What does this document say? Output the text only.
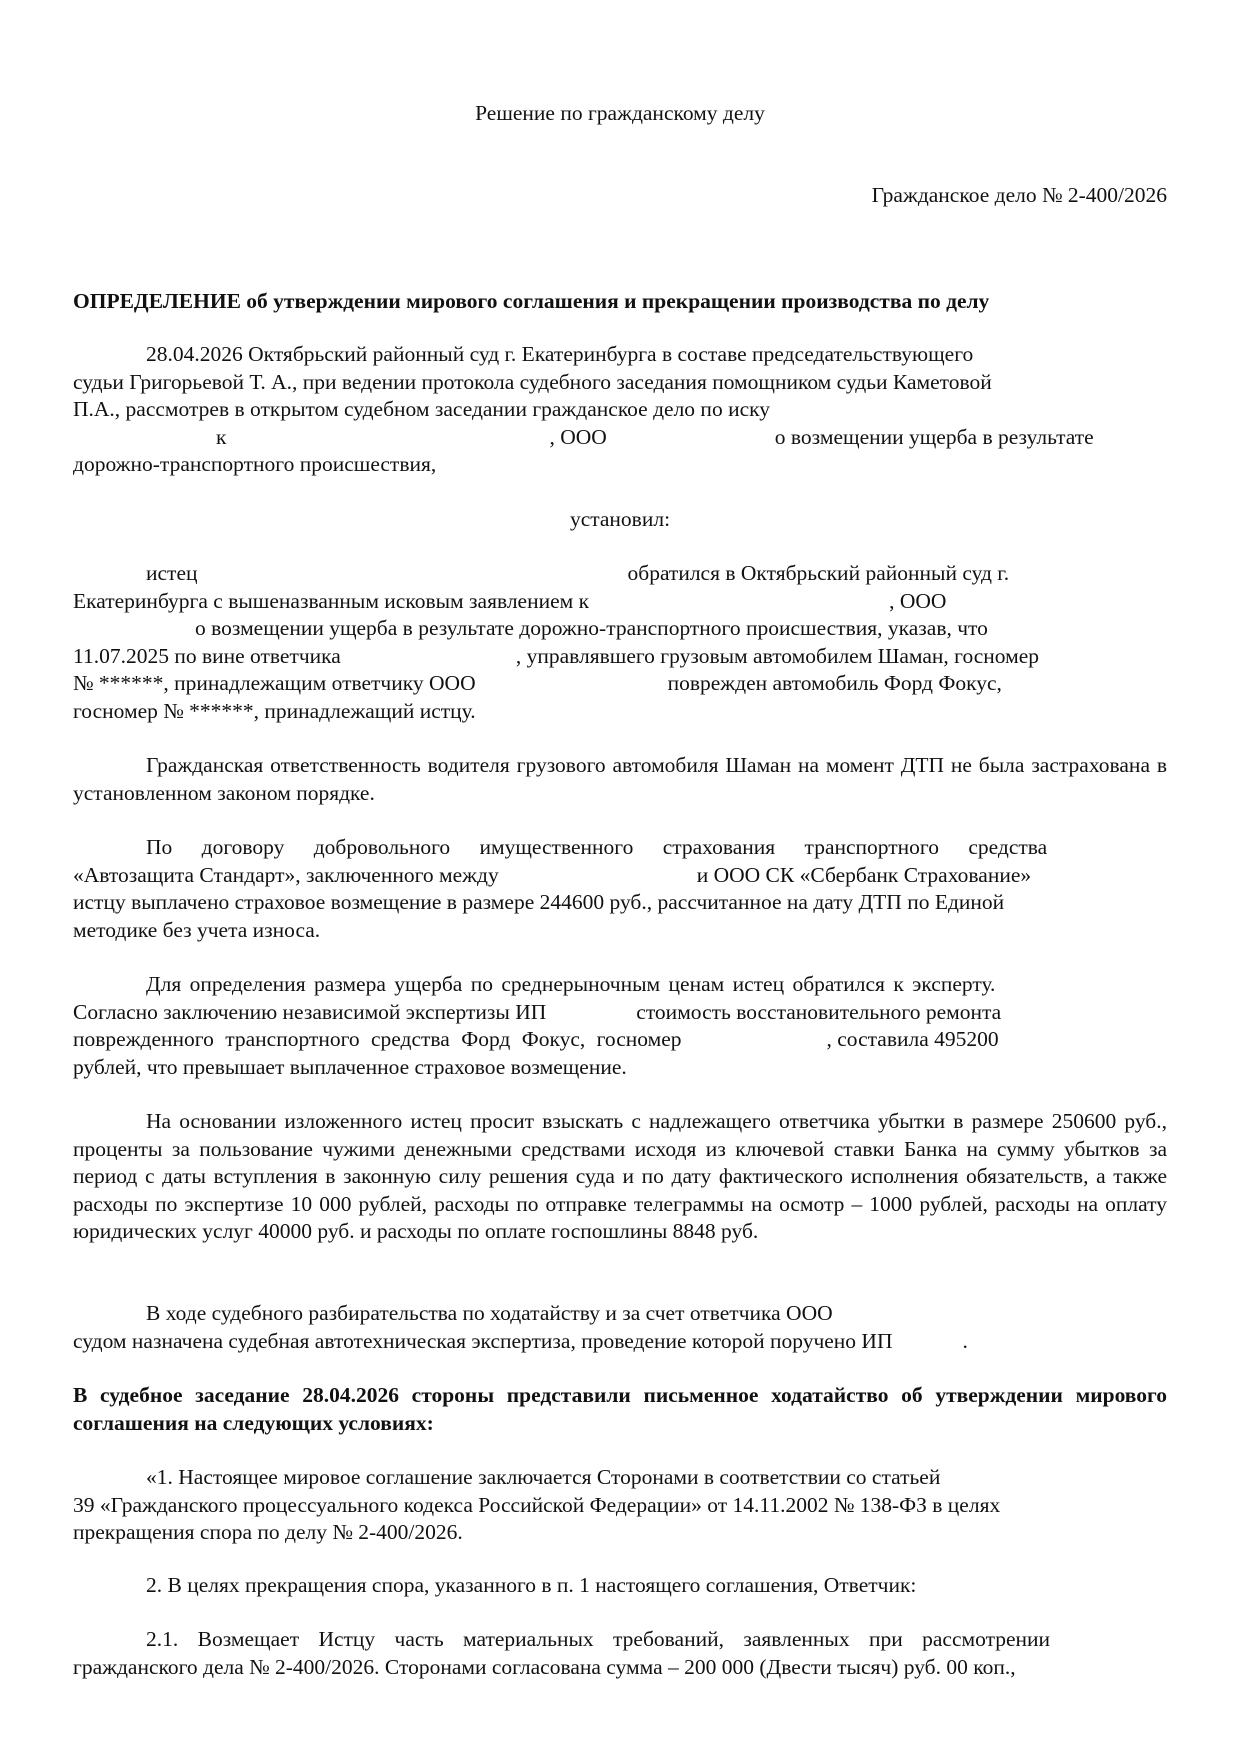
Решение по гражданскому делу
Гражданское дело № 2-400/2026
ОПРЕДЕЛЕНИЕ об утверждении мирового соглашения и прекращении производства по делу
28.04.2026 Октябрьский районный суд г. Екатеринбурга в составе председательствующего
судьи Григорьевой Т. А., при ведении протокола судебного заседания помощником судьи Каметовой
П.А., рассмотрев в открытом судебном заседании гражданское дело по иску
к	, ООО	о возмещении ущерба в результате
дорожно-транспортного происшествия,
установил:
истец	обратился в Октябрьский районный суд г.
Екатеринбурга с вышеназванным исковым заявлением к	, ООО
о возмещении ущерба в результате дорожно-транспортного происшествия, указав, что
11.07.2025 по вине ответчика	, управлявшего грузовым автомобилем Шаман, госномер
№ ******, принадлежащим ответчику ООО	поврежден автомобиль Форд Фокус,
госномер № ******, принадлежащий истцу.
Гражданская ответственность водителя грузового автомобиля Шаман на момент ДТП не была застрахована в установленном законом порядке.
По договору добровольного имущественного страхования транспортного средства
«Автозащита Стандарт», заключенного между	и ООО СК «Сбербанк Страхование»
истцу выплачено страховое возмещение в размере 244600 руб., рассчитанное на дату ДТП по Единой
методике без учета износа.
Для определения размера ущерба по среднерыночным ценам истец обратился к эксперту.
Согласно заключению независимой экспертизы ИП	стоимость восстановительного ремонта
поврежденного транспортного средства Форд Фокус, госномер	, составила 495200
рублей, что превышает выплаченное страховое возмещение.
На основании изложенного истец просит взыскать с надлежащего ответчика убытки в размере 250600 руб., проценты за пользование чужими денежными средствами исходя из ключевой ставки Банка на сумму убытков за период с даты вступления в законную силу решения суда и по дату фактического исполнения обязательств, а также расходы по экспертизе 10 000 рублей, расходы по отправке телеграммы на осмотр – 1000 рублей, расходы на оплату юридических услуг 40000 руб. и расходы по оплате госпошлины 8848 руб.
В ходе судебного разбирательства по ходатайству и за счет ответчика ООО
судом назначена судебная автотехническая экспертиза, проведение которой поручено ИП	.
В судебное заседание 28.04.2026 стороны представили письменное ходатайство об утверждении мирового соглашения на следующих условиях:
«1. Настоящее мировое соглашение заключается Сторонами в соответствии со статьей
39 «Гражданского процессуального кодекса Российской Федерации» от 14.11.2002 № 138-ФЗ в целях
прекращения спора по делу № 2-400/2026.
2. В целях прекращения спора, указанного в п. 1 настоящего соглашения, Ответчик:
2.1. Возмещает Истцу часть материальных требований, заявленных при рассмотрении
гражданского дела № 2-400/2026. Сторонами согласована сумма – 200 000 (Двести тысяч) руб. 00 коп.,
